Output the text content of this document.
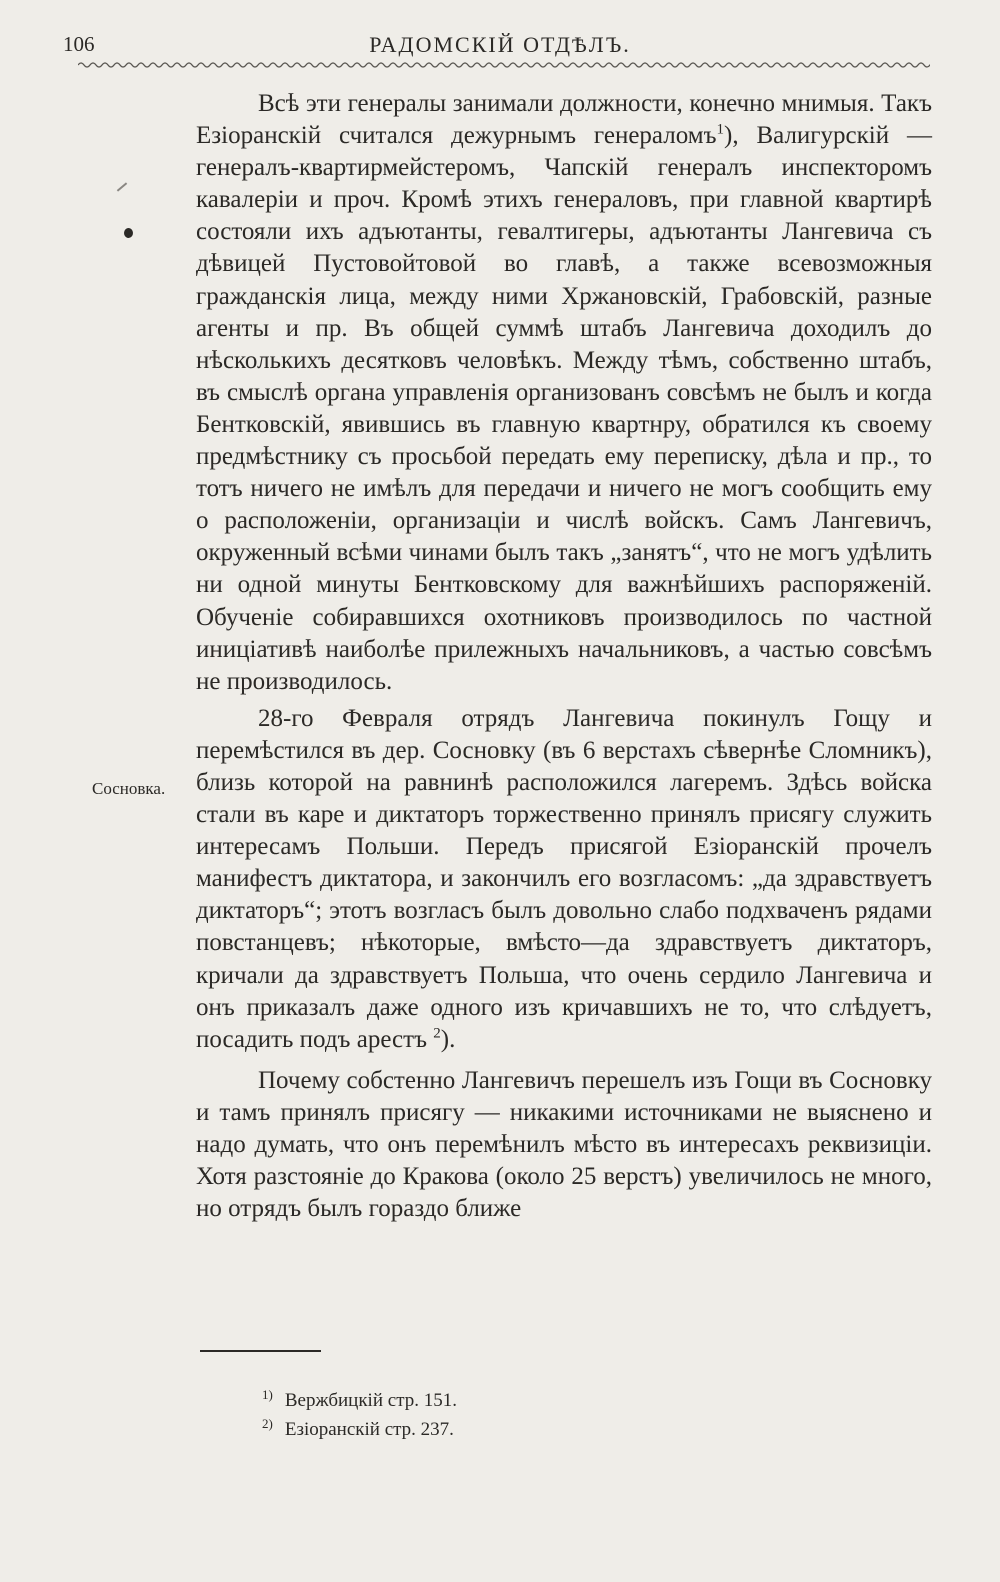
106	РАДОМСКІЙ ОТДѢЛЪ.
Сосновка.

Всѣ эти генералы занимали должности, конечно мнимыя. Такъ Езіоранскій считался дежурнымъ генераломъ$^1$), Валигурскій — генералъ-квартирмейстеромъ, Чапскій генералъ инспекторомъ кавалеріи и проч. Кромѣ этихъ генераловъ, при главной квартирѣ состояли ихъ адъютанты, гевалтигеры, адъютанты Лангевича съ дѣвицей Пустовойтовой во главѣ, а также всевозможныя гражданскія лица, между ними Хржановскій, Грабовскій, разные агенты и пр. Въ общей суммѣ штабъ Лангевича доходилъ до нѣсколькихъ десятковъ человѣкъ. Между тѣмъ, собственно штабъ, въ смыслѣ органа управленія организованъ совсѣмъ не былъ и когда Бентковскій, явившись въ главную квартнру, обратился къ своему предмѣстнику съ просьбой передать ему переписку, дѣла и пр., то тотъ ничего не имѣлъ для передачи и ничего не могъ сообщить ему о расположеніи, организаціи и числѣ войскъ. Самъ Лангевичъ, окруженный всѣми чинами былъ такъ „занятъ“, что не могъ удѣлить ни одной минуты Бентковскому для важнѣйшихъ распоряженій. Обученіе собиравшихся охотниковъ производилось по частной иниціативѣ наиболѣе прилежныхъ начальниковъ, а частью совсѣмъ не производилось.

28-го Февраля отрядъ Лангевича покинулъ Гощу и перемѣстился въ дер. Сосновку (въ 6 верстахъ сѣвернѣе Сломникъ), близь которой на равнинѣ расположился лагеремъ. Здѣсь войска стали въ каре и диктаторъ торжественно принялъ присягу служить интересамъ Польши. Передъ присягой Езіоранскій прочелъ манифестъ диктатора, и закончилъ его возгласомъ: „да здравствуетъ диктаторъ“; этотъ возгласъ былъ довольно слабо подхваченъ рядами повстанцевъ; нѣкоторые, вмѣсто—да здравствуетъ диктаторъ, кричали да здравствуетъ Польша, что очень сердило Лангевича и онъ приказалъ даже одного изъ кричавшихъ не то, что слѣдуетъ, посадить подъ арестъ $^2$).

Почему собстенно Лангевичъ перешелъ изъ Гощи въ Сосновку и тамъ принялъ присягу — никакими источниками не выяснено и надо думать, что онъ перемѣнилъ мѣсто въ интересахъ реквизиціи. Хотя разстояніе до Кракова (около 25 верстъ) увеличилось не много, но отрядъ былъ гораздо ближе

$^{1)}$ Вержбицкій стр. 151.
$^{2)}$ Езіоранскій стр. 237.
